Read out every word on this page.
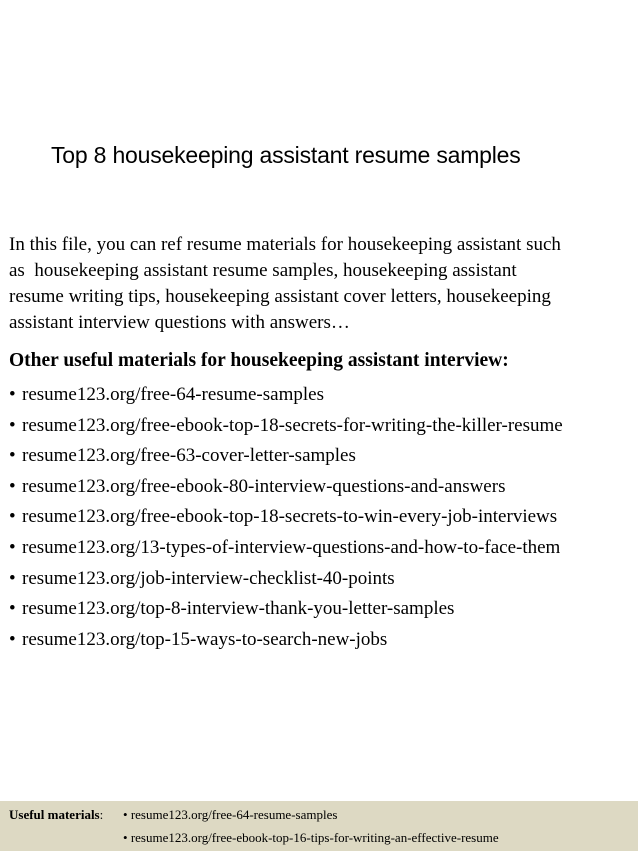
Top 8 housekeeping assistant resume samples
In this file, you can ref resume materials for housekeeping assistant such
as  housekeeping assistant resume samples, housekeeping assistant
resume writing tips, housekeeping assistant cover letters, housekeeping
assistant interview questions with answers…
Other useful materials for housekeeping assistant interview:
• resume123.org/free-64-resume-samples
• resume123.org/free-ebook-top-18-secrets-for-writing-the-killer-resume
• resume123.org/free-63-cover-letter-samples
• resume123.org/free-ebook-80-interview-questions-and-answers
• resume123.org/free-ebook-top-18-secrets-to-win-every-job-interviews
• resume123.org/13-types-of-interview-questions-and-how-to-face-them
• resume123.org/job-interview-checklist-40-points
• resume123.org/top-8-interview-thank-you-letter-samples
• resume123.org/top-15-ways-to-search-new-jobs
Useful materials: • resume123.org/free-64-resume-samples
• resume123.org/free-ebook-top-16-tips-for-writing-an-effective-resume
